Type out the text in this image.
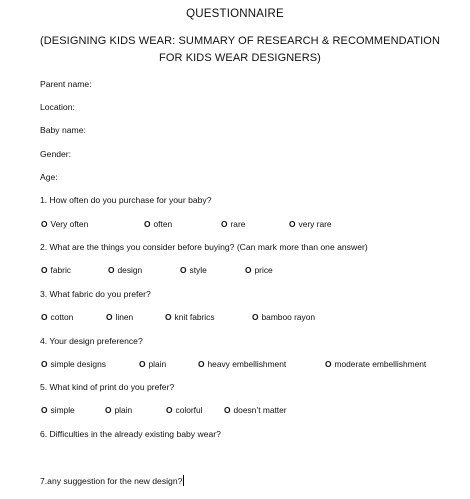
QUESTIONNAIRE
(DESIGNING KIDS WEAR: SUMMARY OF RESEARCH & RECOMMENDATION
FOR KIDS WEAR DESIGNERS)
Parent name:
Location:
Baby name:
Gender:
Age:
1. How often do you purchase for your baby?
O Very often	O often	O rare	O very rare
2. What are the things you consider before buying? (Can mark more than one answer)
O fabric	O design	O style	O price
3. What fabric do you prefer?
O cotton	O linen	O knit fabrics	O bamboo rayon
4. Your design preference?
O simple designs	O plain	O heavy embellishment	O moderate embellishment
5. What kind of print do you prefer?
O simple	O plain	O colorful	O doesn’t matter
6. Difficulties in the already existing baby wear?
7.any suggestion for the new design?
